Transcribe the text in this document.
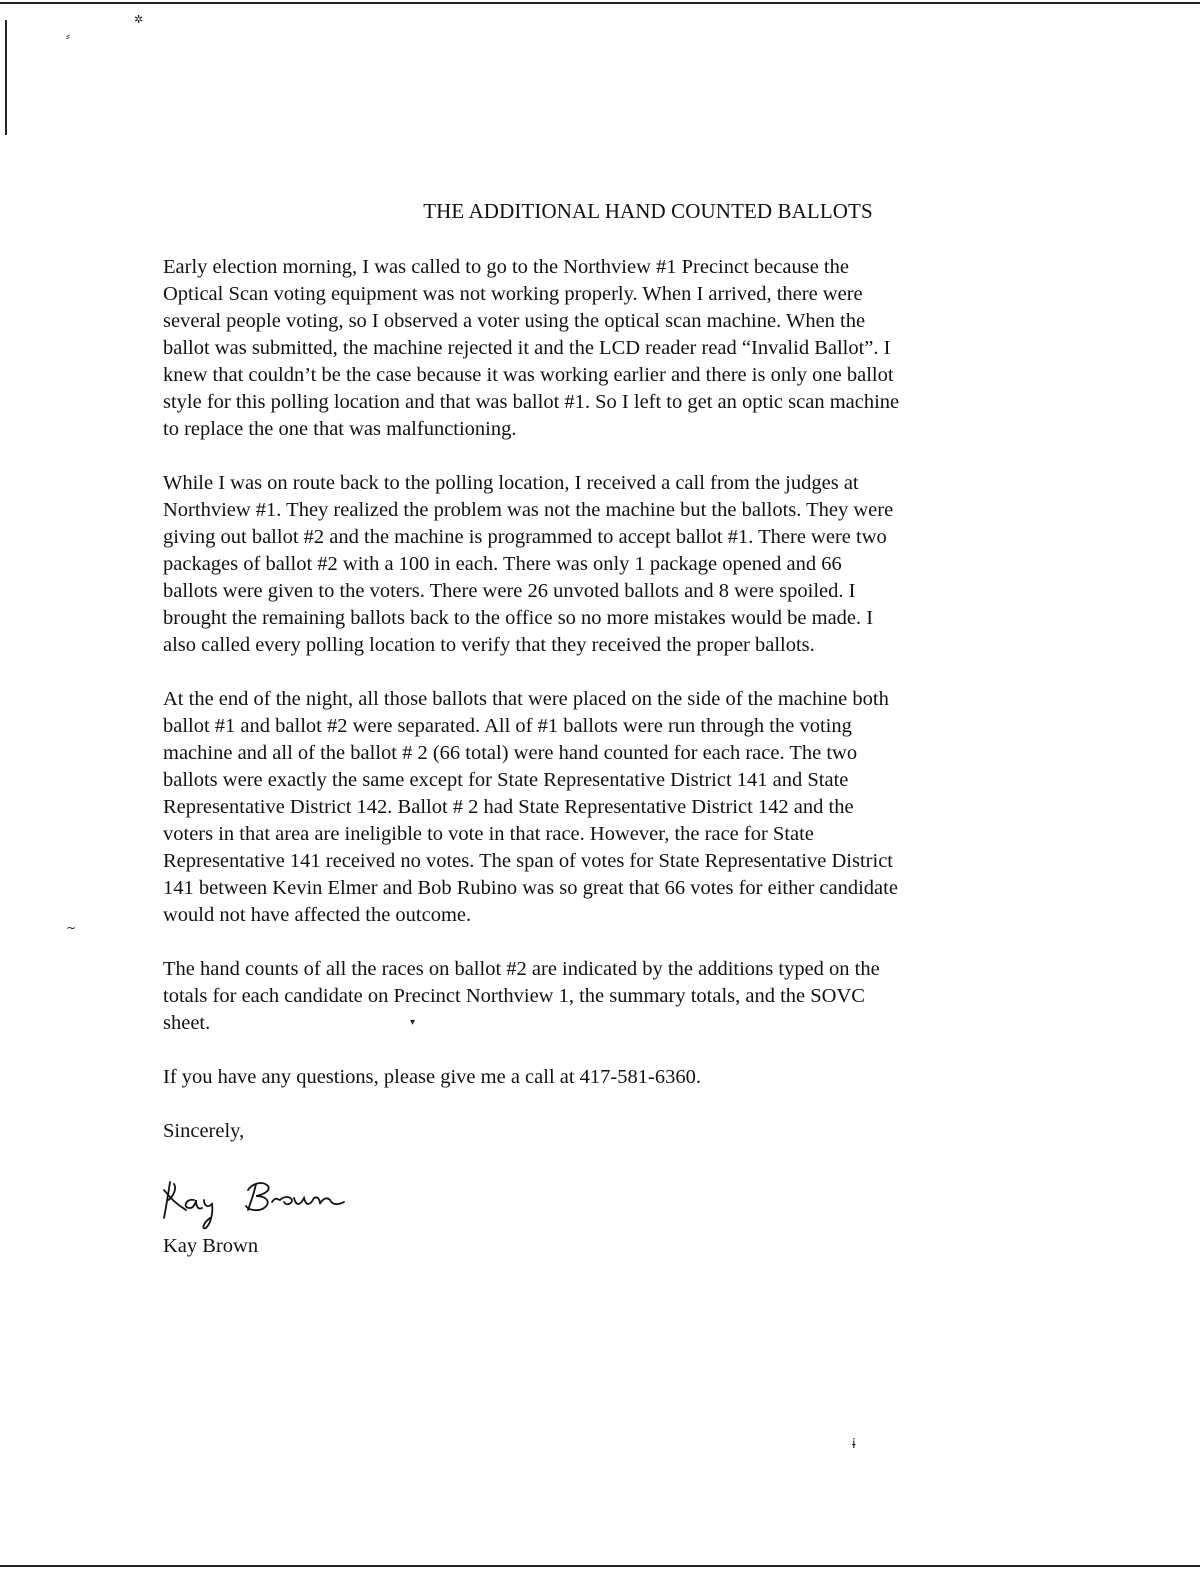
✲
⸗
~
▾
ɨ
THE ADDITIONAL HAND COUNTED BALLOTS
Early election morning, I was called to go to the Northview #1 Precinct because the
Optical Scan voting equipment was not working properly. When I arrived, there were
several people voting, so I observed a voter using the optical scan machine. When the
ballot was submitted, the machine rejected it and the LCD reader read “Invalid Ballot”. I
knew that couldn’t be the case because it was working earlier and there is only one ballot
style for this polling location and that was ballot #1. So I left to get an optic scan machine
to replace the one that was malfunctioning.
While I was on route back to the polling location, I received a call from the judges at
Northview #1. They realized the problem was not the machine but the ballots. They were
giving out ballot #2 and the machine is programmed to accept ballot #1. There were two
packages of ballot #2 with a 100 in each. There was only 1 package opened and 66
ballots were given to the voters. There were 26 unvoted ballots and 8 were spoiled. I
brought the remaining ballots back to the office so no more mistakes would be made. I
also called every polling location to verify that they received the proper ballots.
At the end of the night, all those ballots that were placed on the side of the machine both
ballot #1 and ballot #2 were separated. All of #1 ballots were run through the voting
machine and all of the ballot # 2 (66 total) were hand counted for each race. The two
ballots were exactly the same except for State Representative District 141 and State
Representative District 142. Ballot # 2 had State Representative District 142 and the
voters in that area are ineligible to vote in that race. However, the race for State
Representative 141 received no votes. The span of votes for State Representative District
141 between Kevin Elmer and Bob Rubino was so great that 66 votes for either candidate
would not have affected the outcome.
The hand counts of all the races on ballot #2 are indicated by the additions typed on the
totals for each candidate on Precinct Northview 1, the summary totals, and the SOVC
sheet.
If you have any questions, please give me a call at 417-581-6360.
Sincerely,
Kay Brown
